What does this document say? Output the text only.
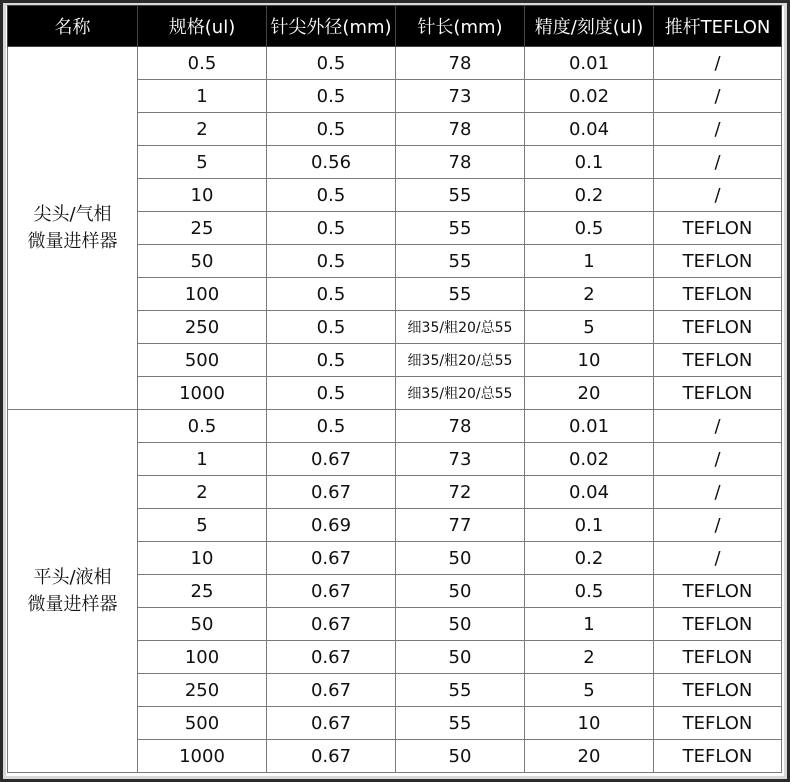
名称	规格(ul)	针尖外径(mm)	针长(mm)	精度/刻度(ul)	推杆TEFLON

尖头/气相
微量进样器	0.5	0.5	78	0.01	/
	1	0.5	73	0.02	/
	2	0.5	78	0.04	/
	5	0.56	78	0.1	/
	10	0.5	55	0.2	/
	25	0.5	55	0.5	TEFLON
	50	0.5	55	1	TEFLON
	100	0.5	55	2	TEFLON
	250	0.5	细35/粗20/总55	5	TEFLON
	500	0.5	细35/粗20/总55	10	TEFLON
	1000	0.5	细35/粗20/总55	20	TEFLON

平头/液相
微量进样器	0.5	0.5	78	0.01	/
	1	0.67	73	0.02	/
	2	0.67	72	0.04	/
	5	0.69	77	0.1	/
	10	0.67	50	0.2	/
	25	0.67	50	0.5	TEFLON
	50	0.67	50	1	TEFLON
	100	0.67	50	2	TEFLON
	250	0.67	55	5	TEFLON
	500	0.67	55	10	TEFLON
	1000	0.67	50	20	TEFLON
